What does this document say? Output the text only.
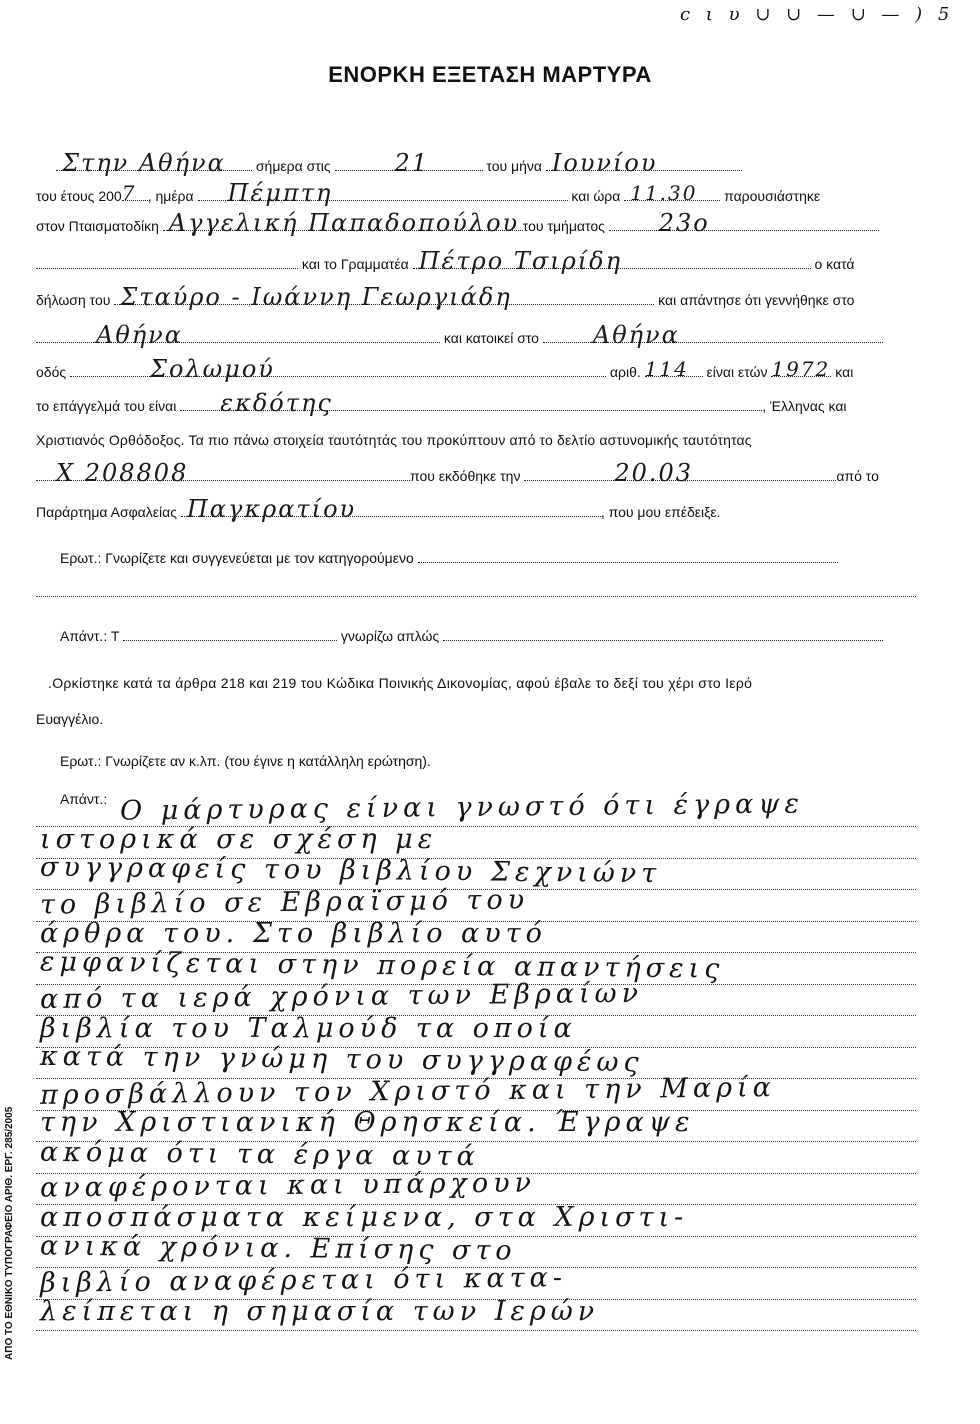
c ι υ ∪ ∪ — ∪ — ) 5
ΕΝΟΡΚΗ ΕΞΕΤΑΣΗ ΜΑΡΤΥΡΑ
Στην Αθήνα σήμερα στις	21	του μήνα Ιουνίου
του έτους 200 7 , ημέρα Πέμπτη	και ώρα 11.30 παρουσιάστηκε
στον Πταισματοδίκη Αγγελική Παπαδοπούλου του τμήματος 23ο
και το Γραμματέα Πέτρο Τσιρίδη	ο κατά
δήλωση του Σταύρο - Ιωάννη Γεωργιάδη	και απάντησε ότι γεννήθηκε στο
Αθήνα	και κατοικεί στο Αθήνα
οδός	Σολωμού	αριθ. 114 είναι ετών 1972 και
το επάγγελμά του είναι εκδότης	, Έλληνας και
Χριστιανός Ορθόδοξος. Τα πιο πάνω στοιχεία ταυτότητάς του προκύπτουν από το δελτίο αστυνομικής ταυτότητας
Χ 208808	που εκδόθηκε την	20.03	από το
Παράρτημα Ασφαλείας Παγκρατίου	, που μου επέδειξε.
Ερωτ.: Γνωρίζετε και συγγενεύεται με τον κατηγορούμενο
Απάντ.: Τ	γνωρίζω απλώς
.Ορκίστηκε κατά τα άρθρα 218 και 219 του Κώδικα Ποινικής Δικονομίας, αφού έβαλε το δεξί του χέρι στο Ιερό
Ευαγγέλιο.
Ερωτ.: Γνωρίζετε αν κ.λπ. (του έγινε η κατάλληλη ερώτηση).
Απάντ.: Ο μάρτυρας είναι γνωστό ότι έγραψε
ιστορικά σε σχέση με
συγγραφείς του βιβλίου Σεχνιώντ
το βιβλίο σε Εβραϊσμό του
άρθρα του. Στο βιβλίο αυτό
εμφανίζεται στην πορεία απαντήσεις
από τα ιερά χρόνια των Εβραίων
βιβλία του Ταλμούδ τα οποία
κατά την γνώμη του συγγραφέως
προσβάλλουν τον Χριστό και την Μαρία
την Χριστιανική Θρησκεία. Έγραψε
ακόμα ότι τα έργα αυτά
αναφέρονται και υπάρχουν
αποσπάσματα κείμενα, στα Χριστι-
ανικά χρόνια. Επίσης στο
βιβλίο αναφέρεται ότι κατα-
λείπεται η σημασία των Ιερών
ΑΠΟ ΤΟ ΕΘΝΙΚΟ ΤΥΠΟΓΡΑΦΕΙΟ ΑΡΙΘ. ΕΡΓ. 285/2005
